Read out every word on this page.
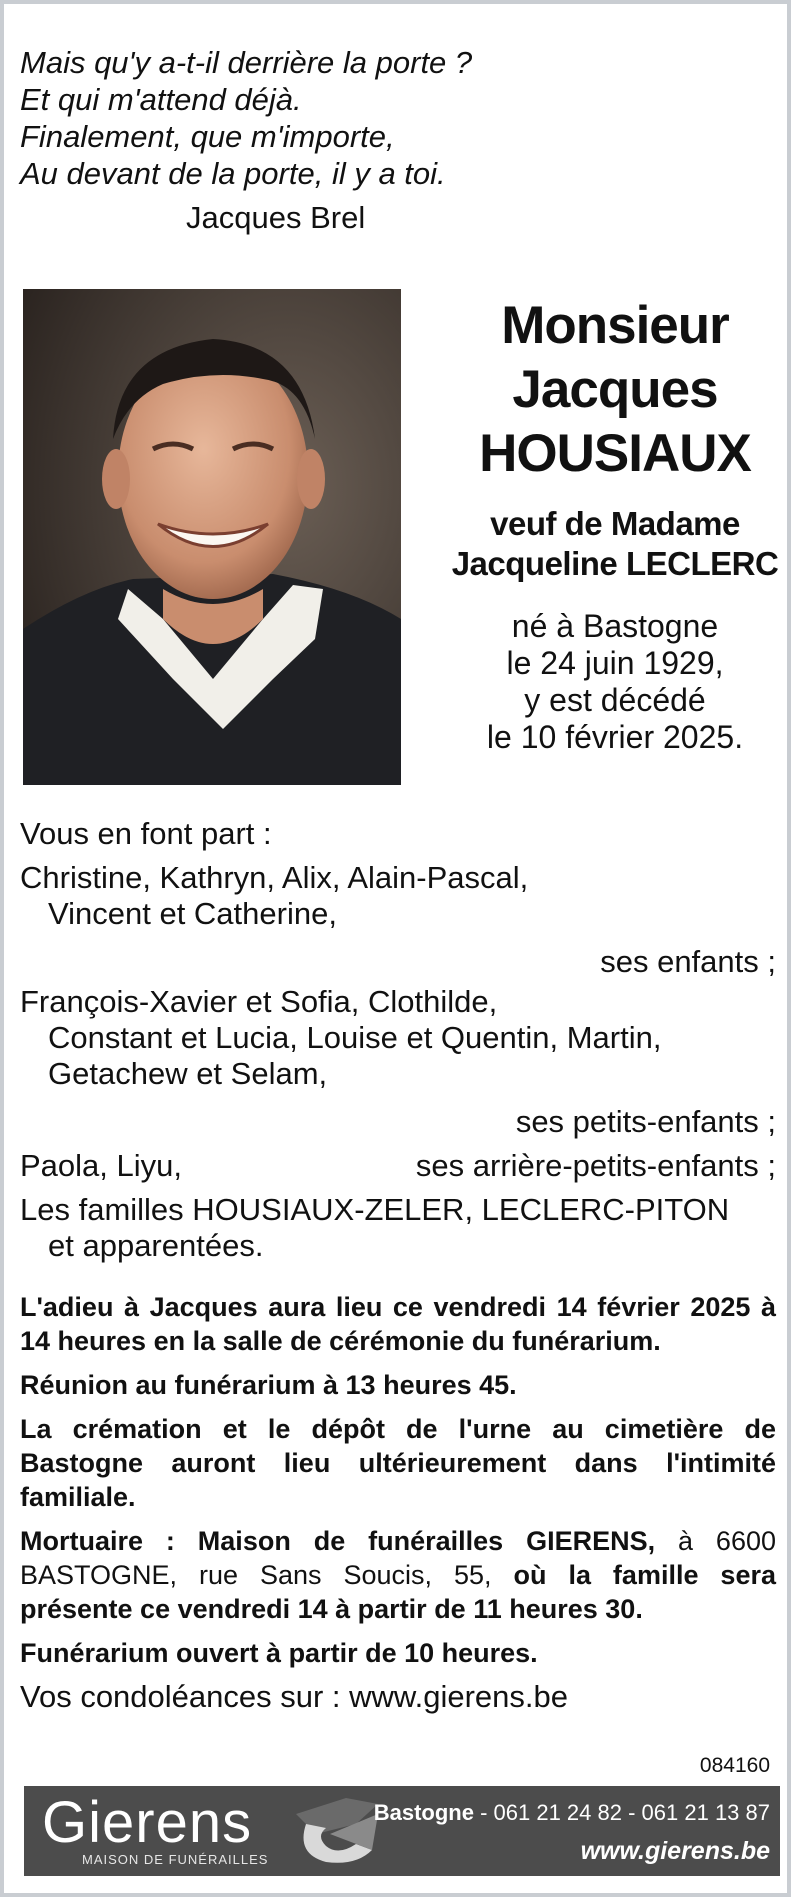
Mais qu'y a-t-il derrière la porte ?
Et qui m'attend déjà.
Finalement, que m'importe,
Au devant de la porte, il y a toi.
Jacques Brel
Monsieur
Jacques
HOUSIAUX
veuf de Madame
Jacqueline LECLERC
né à Bastogne
le 24 juin 1929,
y est décédé
le 10 février 2025.
Vous en font part :
Christine, Kathryn, Alix, Alain-Pascal,
Vincent et Catherine,
ses enfants ;
François-Xavier et Sofia, Clothilde,
Constant et Lucia, Louise et Quentin, Martin,
Getachew et Selam,
ses petits-enfants ;
Paola, Liyu,	ses arrière-petits-enfants ;
Les familles HOUSIAUX-ZELER, LECLERC-PITON
et apparentées.

L'adieu à Jacques aura lieu ce vendredi 14 février 2025 à 14 heures en la salle de cérémonie du funérarium.

Réunion au funérarium à 13 heures 45.

La crémation et le dépôt de l'urne au cimetière de Bastogne auront lieu ultérieurement dans l'intimité familiale.

Mortuaire : Maison de funérailles GIERENS, à 6600 BASTOGNE, rue Sans Soucis, 55, où la famille sera présente ce vendredi 14 à partir de 11 heures 30.

Funérarium ouvert à partir de 10 heures.

Vos condoléances sur : www.gierens.be
084160
Gierens
MAISON DE FUNÉRAILLES
Bastogne - 061 21 24 82 - 061 21 13 87
www.gierens.be
